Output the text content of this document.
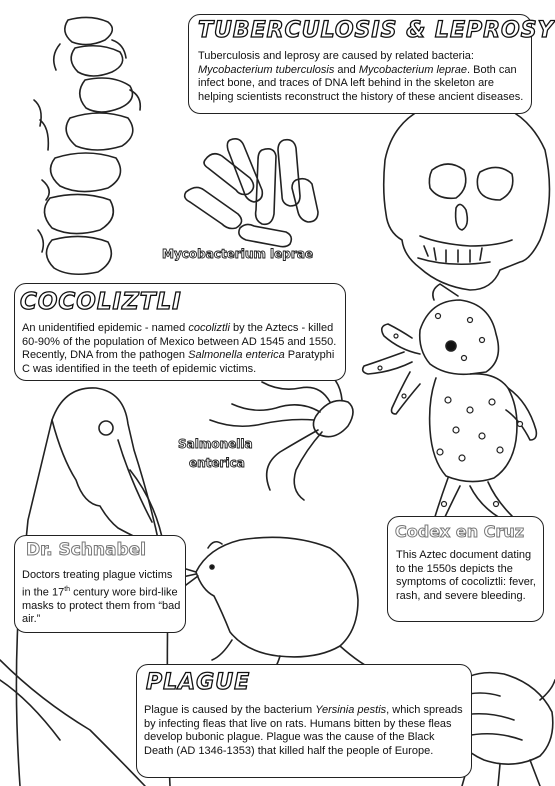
TUBERCULOSIS & LEPROSY
Tuberculosis and leprosy are caused by related bacteria: Mycobacterium tuberculosis and Mycobacterium leprae. Both can infect bone, and traces of DNA left behind in the skeleton are helping scientists reconstruct the history of these ancient diseases.
Mycobacterium leprae
COCOLIZTLI
An unidentified epidemic - named cocoliztli by the Aztecs - killed 60-90% of the population of Mexico between AD 1545 and 1550. Recently, DNA from the pathogen Salmonella enterica Paratyphi C was identified in the teeth of epidemic victims.
Salmonella
enterica
Dr. Schnabel
Doctors treating plague victims in the 17th century wore bird-like masks to protect them from “bad air.”
Codex en Cruz
This Aztec document dating to the 1550s depicts the symptoms of cocoliztli: fever, rash, and severe bleeding.
PLAGUE
Plague is caused by the bacterium Yersinia pestis, which spreads by infecting fleas that live on rats. Humans bitten by these fleas develop bubonic plague. Plague was the cause of the Black Death (AD 1346-1353) that killed half the people of Europe.
